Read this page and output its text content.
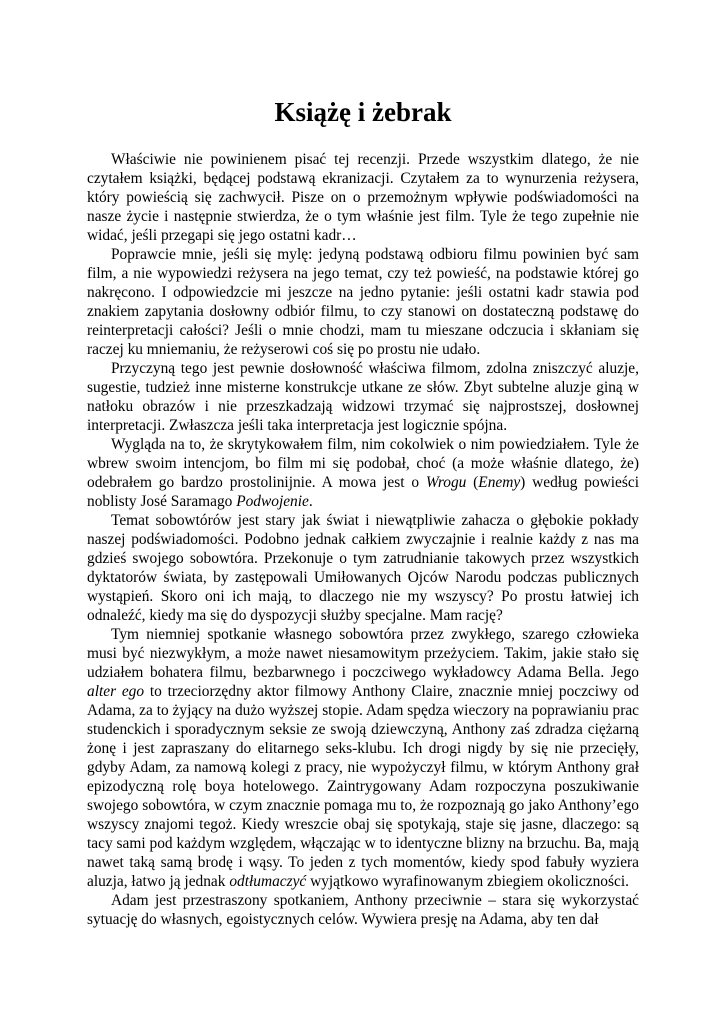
Książę i żebrak

Właściwie nie powinienem pisać tej recenzji. Przede wszystkim dlatego, że nie czytałem książki, będącej podstawą ekranizacji. Czytałem za to wynurzenia reżysera, który powieścią się zachwycił. Pisze on o przemożnym wpływie podświadomości na nasze życie i następnie stwierdza, że o tym właśnie jest film. Tyle że tego zupełnie nie widać, jeśli przegapi się jego ostatni kadr…

Poprawcie mnie, jeśli się mylę: jedyną podstawą odbioru filmu powinien być sam film, a nie wypowiedzi reżysera na jego temat, czy też powieść, na podstawie której go nakręcono. I odpowiedzcie mi jeszcze na jedno pytanie: jeśli ostatni kadr stawia pod znakiem zapytania dosłowny odbiór filmu, to czy stanowi on dostateczną podstawę do reinterpretacji całości? Jeśli o mnie chodzi, mam tu mieszane odczucia i skłaniam się raczej ku mniemaniu, że reżyserowi coś się po prostu nie udało.

Przyczyną tego jest pewnie dosłowność właściwa filmom, zdolna zniszczyć aluzje, sugestie, tudzież inne misterne konstrukcje utkane ze słów. Zbyt subtelne aluzje giną w natłoku obrazów i nie przeszkadzają widzowi trzymać się najprostszej, dosłownej interpretacji. Zwłaszcza jeśli taka interpretacja jest logicznie spójna.

Wygląda na to, że skrytykowałem film, nim cokolwiek o nim powiedziałem. Tyle że wbrew swoim intencjom, bo film mi się podobał, choć (a może właśnie dlatego, że) odebrałem go bardzo prostolinijnie. A mowa jest o Wrogu (Enemy) według powieści noblisty José Saramago Podwojenie.

Temat sobowtórów jest stary jak świat i niewątpliwie zahacza o głębokie pokłady naszej podświadomości. Podobno jednak całkiem zwyczajnie i realnie każdy z nas ma gdzieś swojego sobowtóra. Przekonuje o tym zatrudnianie takowych przez wszystkich dyktatorów świata, by zastępowali Umiłowanych Ojców Narodu podczas publicznych wystąpień. Skoro oni ich mają, to dlaczego nie my wszyscy? Po prostu łatwiej ich odnaleźć, kiedy ma się do dyspozycji służby specjalne. Mam rację?

Tym niemniej spotkanie własnego sobowtóra przez zwykłego, szarego człowieka musi być niezwykłym, a może nawet niesamowitym przeżyciem. Takim, jakie stało się udziałem bohatera filmu, bezbarwnego i poczciwego wykładowcy Adama Bella. Jego alter ego to trzeciorzędny aktor filmowy Anthony Claire, znacznie mniej poczciwy od Adama, za to żyjący na dużo wyższej stopie. Adam spędza wieczory na poprawianiu prac studenckich i sporadycznym seksie ze swoją dziewczyną, Anthony zaś zdradza ciężarną żonę i jest zapraszany do elitarnego seks-klubu. Ich drogi nigdy by się nie przecięły, gdyby Adam, za namową kolegi z pracy, nie wypożyczył filmu, w którym Anthony grał epizodyczną rolę boya hotelowego. Zaintrygowany Adam rozpoczyna poszukiwanie swojego sobowtóra, w czym znacznie pomaga mu to, że rozpoznają go jako Anthony’ego wszyscy znajomi tegoż. Kiedy wreszcie obaj się spotykają, staje się jasne, dlaczego: są tacy sami pod każdym względem, włączając w to identyczne blizny na brzuchu. Ba, mają nawet taką samą brodę i wąsy. To jeden z tych momentów, kiedy spod fabuły wyziera aluzja, łatwo ją jednak odtłumaczyć wyjątkowo wyrafinowanym zbiegiem okoliczności.

Adam jest przestraszony spotkaniem, Anthony przeciwnie – stara się wykorzystać sytuację do własnych, egoistycznych celów. Wywiera presję na Adama, aby ten dał
